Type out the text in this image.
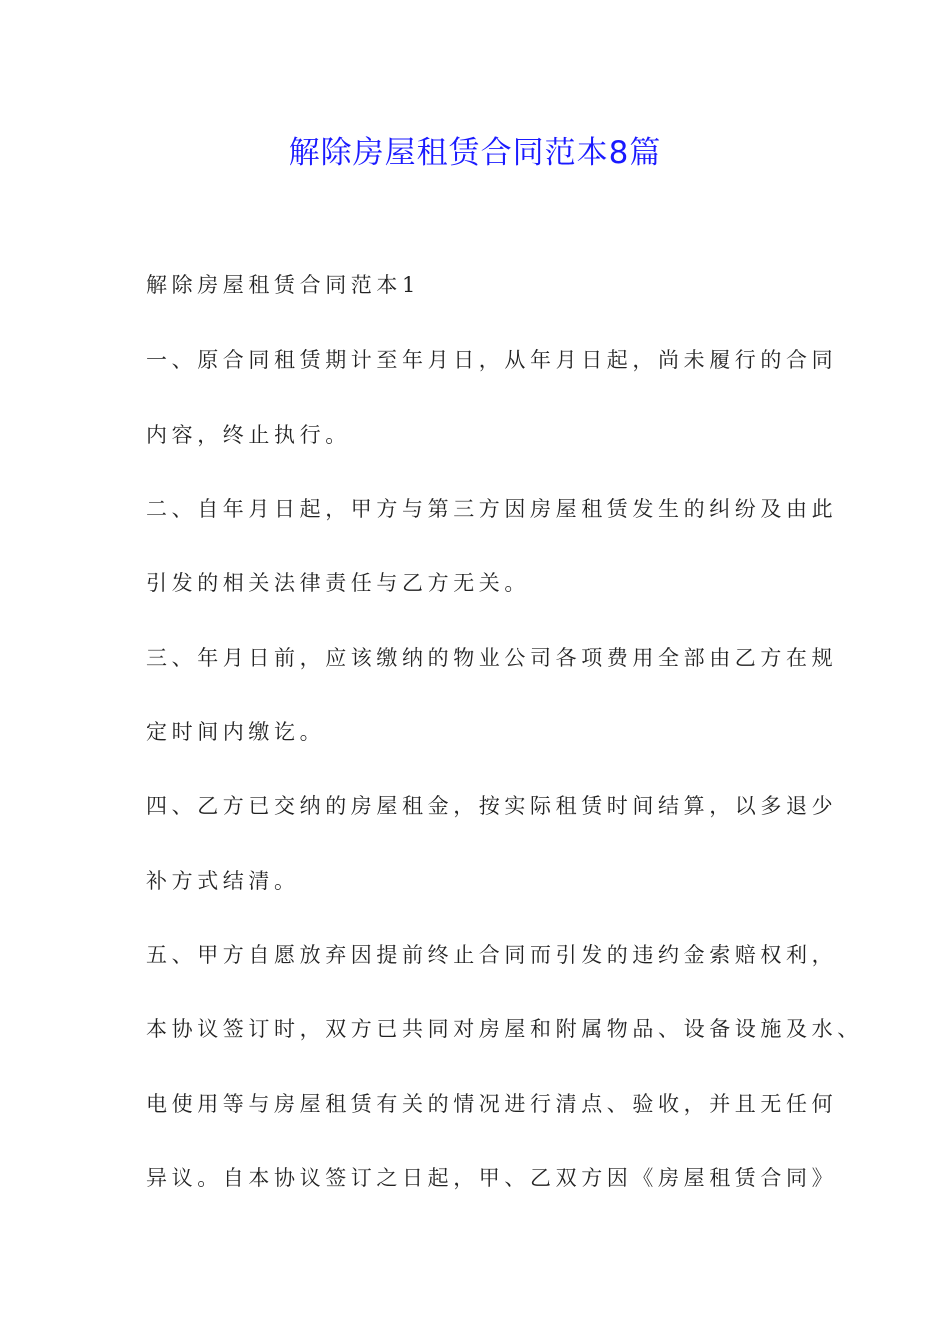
解除房屋租赁合同范本8篇

解除房屋租赁合同范本1

一、原合同租赁期计至年月日，从年月日起，尚未履行的合同

内容，终止执行。

二、自年月日起，甲方与第三方因房屋租赁发生的纠纷及由此

引发的相关法律责任与乙方无关。

三、年月日前，应该缴纳的物业公司各项费用全部由乙方在规

定时间内缴讫。

四、乙方已交纳的房屋租金，按实际租赁时间结算，以多退少

补方式结清。

五、甲方自愿放弃因提前终止合同而引发的违约金索赔权利，

本协议签订时，双方已共同对房屋和附属物品、设备设施及水、

电使用等与房屋租赁有关的情况进行清点、验收，并且无任何

异议。自本协议签订之日起，甲、乙双方因《房屋租赁合同》
